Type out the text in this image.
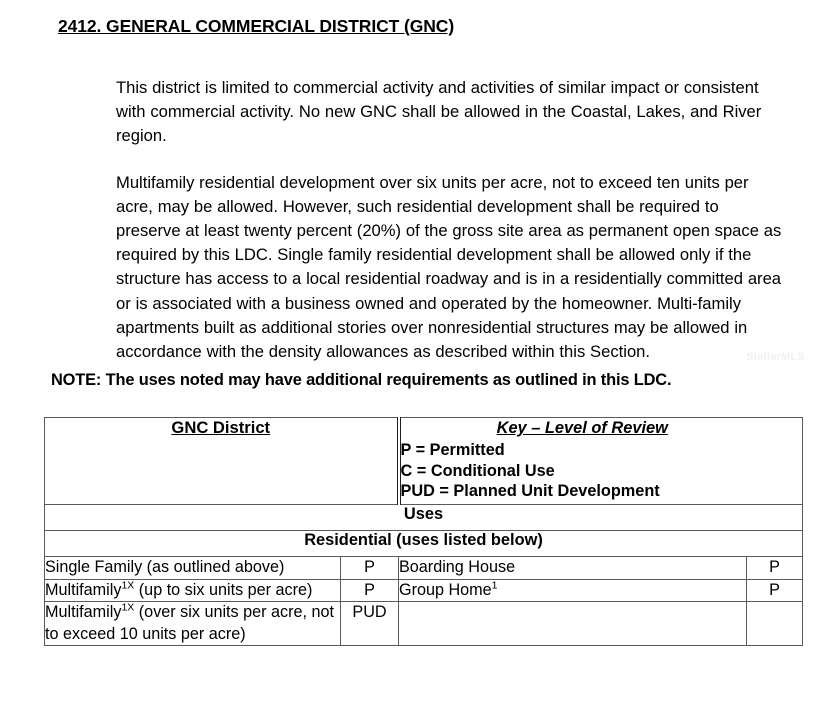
2412. GENERAL COMMERCIAL DISTRICT (GNC)

This district is limited to commercial activity and activities of similar impact or consistent with commercial activity. No new GNC shall be allowed in the Coastal, Lakes, and River region.

Multifamily residential development over six units per acre, not to exceed ten units per acre, may be allowed. However, such residential development shall be required to preserve at least twenty percent (20%) of the gross site area as permanent open space as required by this LDC. Single family residential development shall be allowed only if the structure has access to a local residential roadway and is in a residentially committed area or is associated with a business owned and operated by the homeowner. Multi-family apartments built as additional stories over nonresidential structures may be allowed in accordance with the density allowances as described within this Section.

NOTE: The uses noted may have additional requirements as outlined in this LDC.
StellarMLS
GNC District		Key – Level of Review
P = Permitted
C = Conditional Use
PUD = Planned Unit Development	

Uses			
Residential (uses listed below)			
Single Family (as outlined above)	P	Boarding House	P
Multifamily$^{1X}$ (up to six units per acre)	P	Group Home$^1$	P
Multifamily$^{1X}$ (over six units per acre, not to exceed 10 units per acre)	PUD		
